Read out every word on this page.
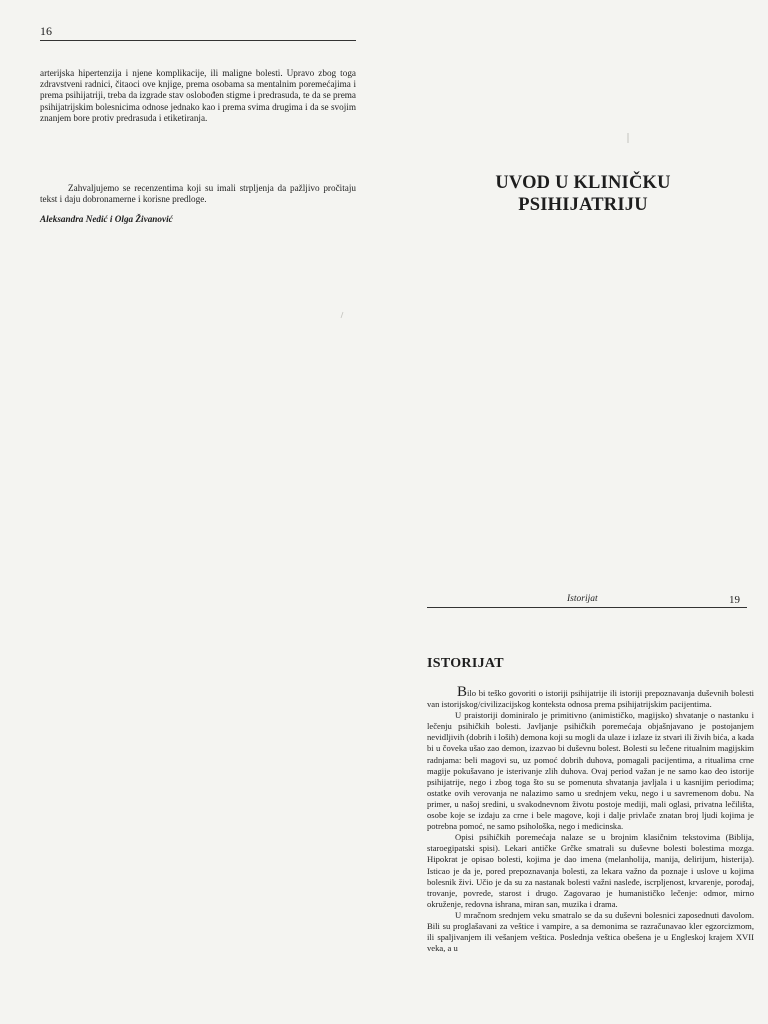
16

arterijska hipertenzija i njene komplikacije, ili maligne bolesti. Upravo zbog toga zdravstveni radnici, čitaoci ove knjige, prema osobama sa mentalnim poremećajima i prema psihijatriji, treba da izgrade stav oslobođen stigme i predrasuda, te da se prema psihijatrijskim bolesnicima odnose jednako kao i prema svima drugima i da se svojim znanjem bore protiv predrasuda i etiketiranja.

Zahvaljujemo se recenzentima koji su imali strpljenja da pažljivo pročitaju tekst i daju dobronamerne i korisne predloge.

Aleksandra Nedić i Olga Živanović
UVOD U KLINIČKU
PSIHIJATRIJU
Istorijat	19
ISTORIJAT

Bilo bi teško govoriti o istoriji psihijatrije ili istoriji prepoznavanja duševnih bolesti van istorijskog/civilizacijskog konteksta odnosa prema psihijatrijskim pacijentima.

U praistoriji dominiralo je primitivno (animističko, magijsko) shvatanje o nastanku i lečenju psihičkih bolesti. Javljanje psihičkih poremećaja objašnjavano je postojanjem nevidljivih (dobrih i loših) demona koji su mogli da ulaze i izlaze iz stvari ili živih bića, a kada bi u čoveka ušao zao demon, izazvao bi duševnu bolest. Bolesti su lečene ritualnim magijskim radnjama: beli magovi su, uz pomoć dobrih duhova, pomagali pacijentima, a ritualima crne magije pokušavano je isterivanje zlih duhova. Ovaj period važan je ne samo kao deo istorije psihijatrije, nego i zbog toga što su se pomenuta shvatanja javljala i u kasnijim periodima; ostatke ovih verovanja ne nalazimo samo u srednjem veku, nego i u savremenom dobu. Na primer, u našoj sredini, u svakodnevnom životu postoje mediji, mali oglasi, privatna lečilišta, osobe koje se izdaju za crne i bele magove, koji i dalje privlače znatan broj ljudi kojima je potrebna pomoć, ne samo psihološka, nego i medicinska.

Opisi psihičkih poremećaja nalaze se u brojnim klasičnim tekstovima (Biblija, staroegipatski spisi). Lekari antičke Grčke smatrali su duševne bolesti bolestima mozga. Hipokrat je opisao bolesti, kojima je dao imena (melanholija, manija, delirijum, histerija). Isticao je da je, pored prepoznavanja bolesti, za lekara važno da poznaje i uslove u kojima bolesnik živi. Učio je da su za nastanak bolesti važni nasleđe, iscrpljenost, krvarenje, porođaj, trovanje, povrede, starost i drugo. Zagovarao je humanističko lečenje: odmor, mirno okruženje, redovna ishrana, miran san, muzika i drama.

U mračnom srednjem veku smatralo se da su duševni bolesnici zaposednuti đavolom. Bili su proglašavani za veštice i vampire, a sa demonima se razračunavao kler egzorcizmom, ili spaljivanjem ili vešanjem veštica. Poslednja veštica obešena je u Engleskoj krajem XVII veka, a u
